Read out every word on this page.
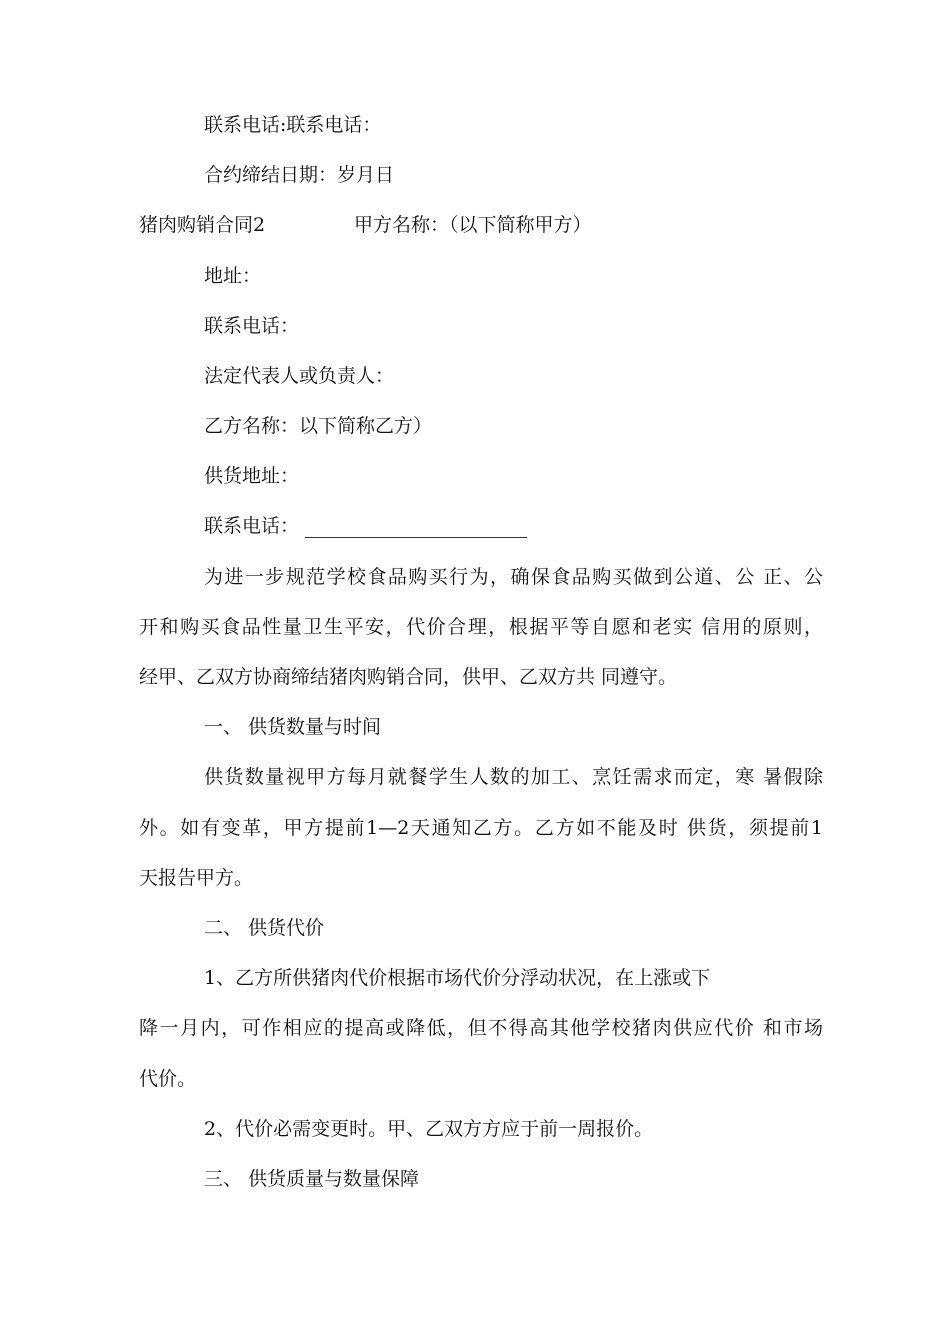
联系电话:联系电话：
合约缔结日期：岁月日
猪肉购销合同2	甲方名称：（以下简称甲方）
地址：
联系电话：
法定代表人或负责人：
乙方名称：以下简称乙方）
供货地址：
联系电话：
为进一步规范学校食品购买行为，确保食品购买做到公道、公 正、公
开和购买食品性量卫生平安，代价合理，根据平等自愿和老实 信用的原则，
经甲、乙双方协商缔结猪肉购销合同，供甲、乙双方共 同遵守。
一、 供货数量与时间
供货数量视甲方每月就餐学生人数的加工、烹饪需求而定，寒 暑假除
外。如有变革，甲方提前1—2天通知乙方。乙方如不能及时 供货，须提前1
天报告甲方。
二、 供货代价
1、乙方所供猪肉代价根据市场代价分浮动状况，在上涨或下
降一月内，可作相应的提高或降低，但不得高其他学校猪肉供应代价 和市场
代价。
2、代价必需变更时。甲、乙双方方应于前一周报价。
三、 供货质量与数量保障
